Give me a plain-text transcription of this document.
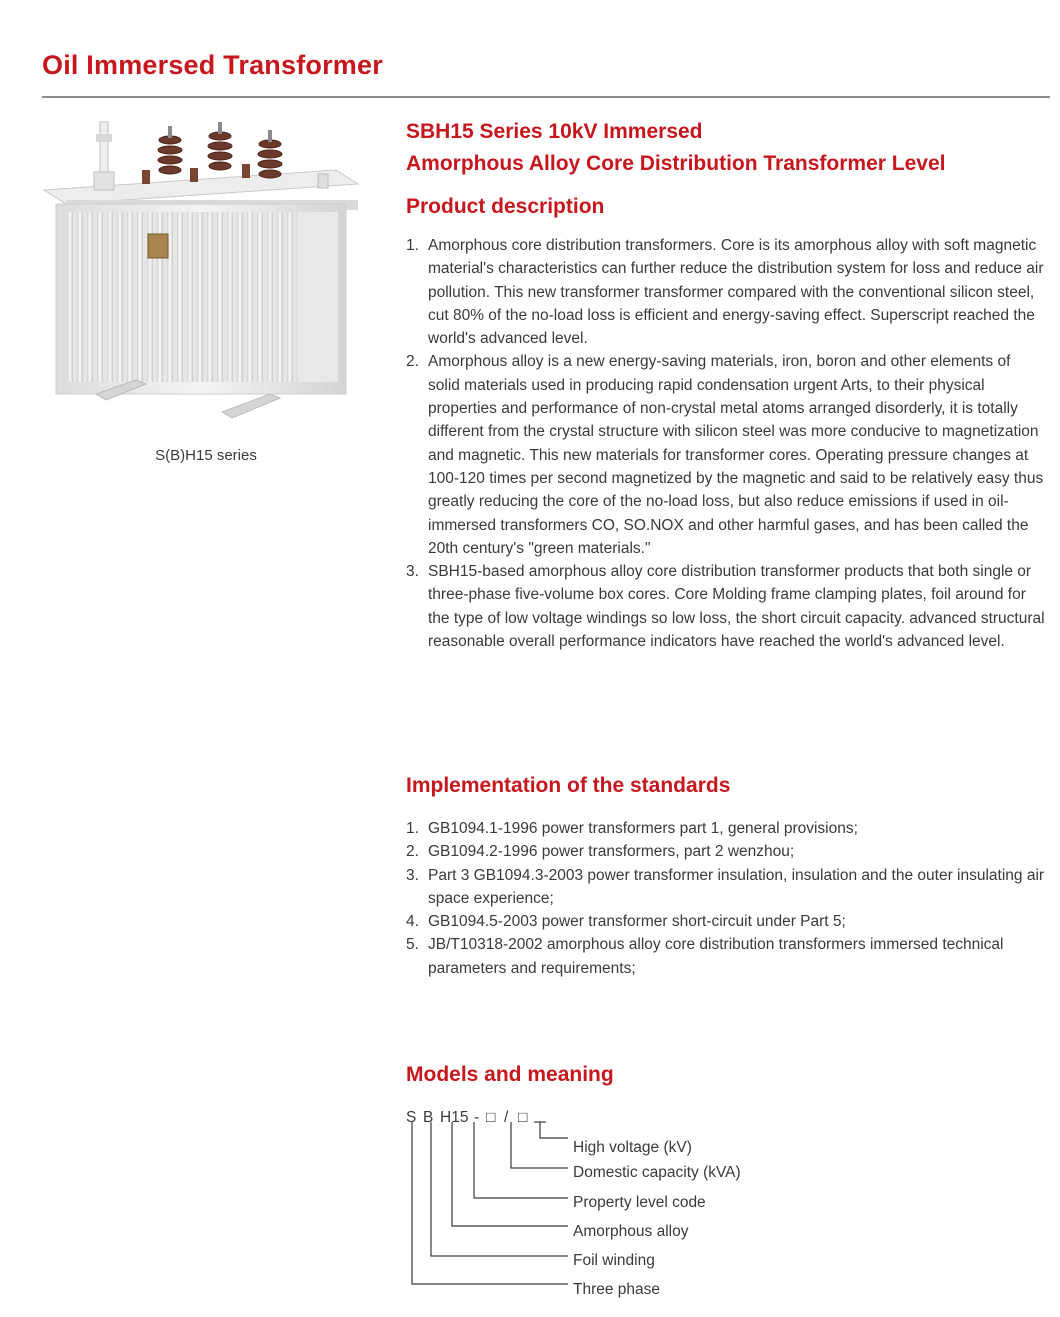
Oil Immersed Transformer
S(B)H15 series
SBH15 Series 10kV Immersed
Amorphous Alloy Core Distribution Transformer Level
Product description
1. Amorphous core distribution transformers. Core is its amorphous alloy with soft magnetic material's characteristics can further reduce the distribution system for loss and reduce air pollution. This new transformer transformer compared with the conventional silicon steel, cut 80% of the no-load loss is efficient and energy-saving effect. Superscript reached the world's advanced level.
2. Amorphous alloy is a new energy-saving materials, iron, boron and other elements of solid materials used in producing rapid condensation urgent Arts, to their physical properties and performance of non-crystal metal atoms arranged disorderly, it is totally different from the crystal structure with silicon steel was more conducive to magnetization and magnetic. This new materials for transformer cores. Operating pressure changes at 100-120 times per second magnetized by the magnetic and said to be relatively easy thus greatly reducing the core of the no-load loss, but also reduce emissions if used in oil-immersed transformers CO, SO.NOX and other harmful gases, and has been called the 20th century's "green materials."
3. SBH15-based amorphous alloy core distribution transformer products that both single or three-phase five-volume box cores. Core Molding frame clamping plates, foil around for the type of low voltage windings so low loss, the short circuit capacity. advanced structural reasonable overall performance indicators have reached the world's advanced level.
Implementation of the standards
1. GB1094.1-1996 power transformers part 1, general provisions;
2. GB1094.2-1996 power transformers, part 2 wenzhou;
3. Part 3 GB1094.3-2003 power transformer insulation, insulation and the outer insulating air space experience;
4. GB1094.5-2003 power transformer short-circuit under Part 5;
5. JB/T10318-2002 amorphous alloy core distribution transformers immersed technical parameters and requirements;
Models and meaning
S B H15 - □ / □
High voltage (kV)
Domestic capacity (kVA)
Property level code
Amorphous alloy
Foil winding
Three phase
